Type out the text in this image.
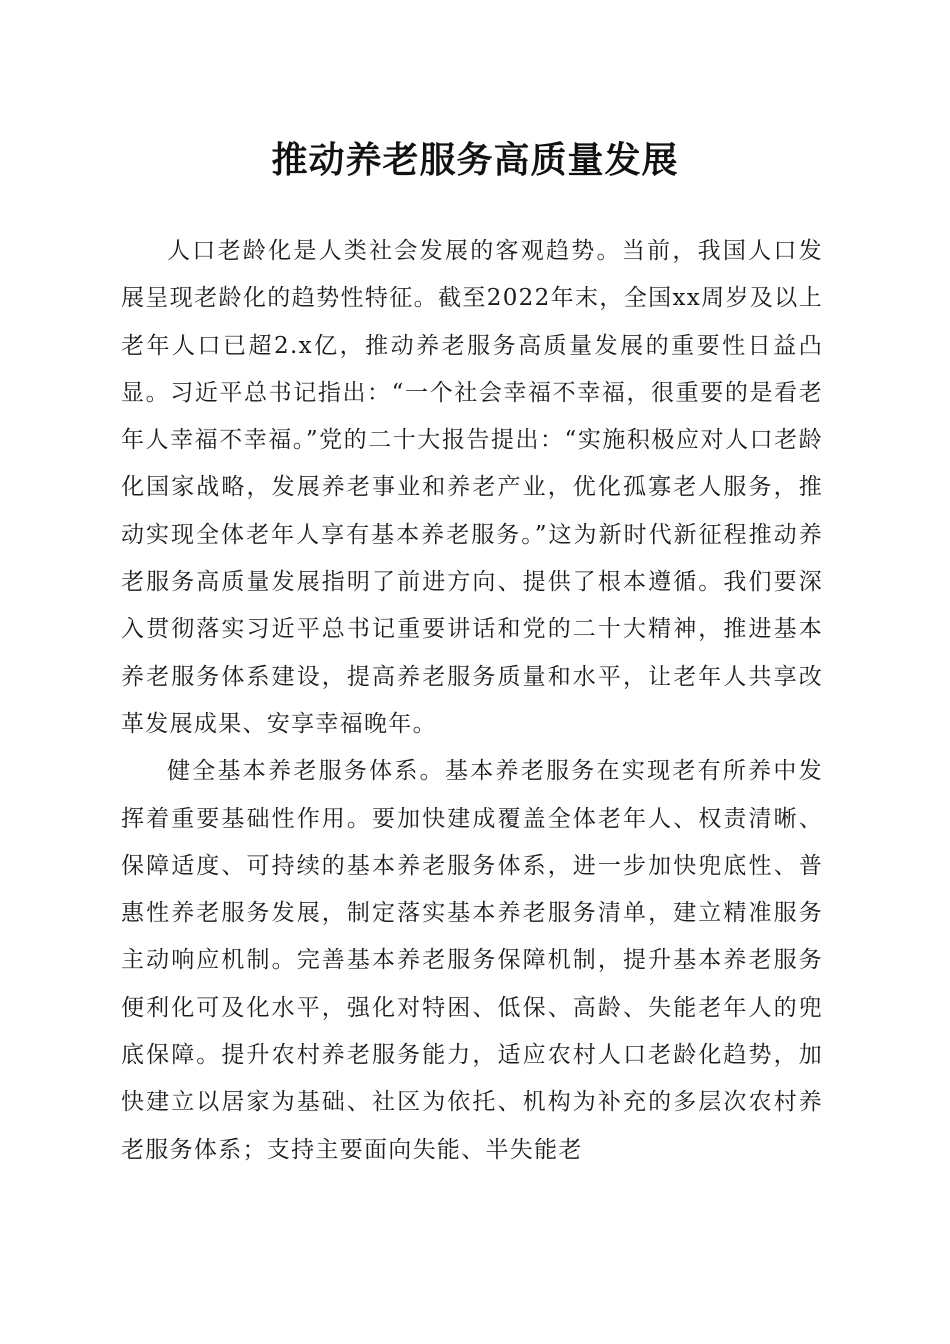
推动养老服务高质量发展

人口老龄化是人类社会发展的客观趋势。当前，我国人口发展呈现老龄化的趋势性特征。截至2022年末，全国xx周岁及以上老年人口已超2.x亿，推动养老服务高质量发展的重要性日益凸显。习近平总书记指出：“一个社会幸福不幸福，很重要的是看老年人幸福不幸福。”党的二十大报告提出：“实施积极应对人口老龄化国家战略，发展养老事业和养老产业，优化孤寡老人服务，推动实现全体老年人享有基本养老服务。”这为新时代新征程推动养老服务高质量发展指明了前进方向、提供了根本遵循。我们要深入贯彻落实习近平总书记重要讲话和党的二十大精神，推进基本养老服务体系建设，提高养老服务质量和水平，让老年人共享改革发展成果、安享幸福晚年。

健全基本养老服务体系。基本养老服务在实现老有所养中发挥着重要基础性作用。要加快建成覆盖全体老年人、权责清晰、保障适度、可持续的基本养老服务体系，进一步加快兜底性、普惠性养老服务发展，制定落实基本养老服务清单，建立精准服务主动响应机制。完善基本养老服务保障机制，提升基本养老服务便利化可及化水平，强化对特困、低保、高龄、失能老年人的兜底保障。提升农村养老服务能力，适应农村人口老龄化趋势，加快建立以居家为基础、社区为依托、机构为补充的多层次农村养老服务体系；支持主要面向失能、半失能老
